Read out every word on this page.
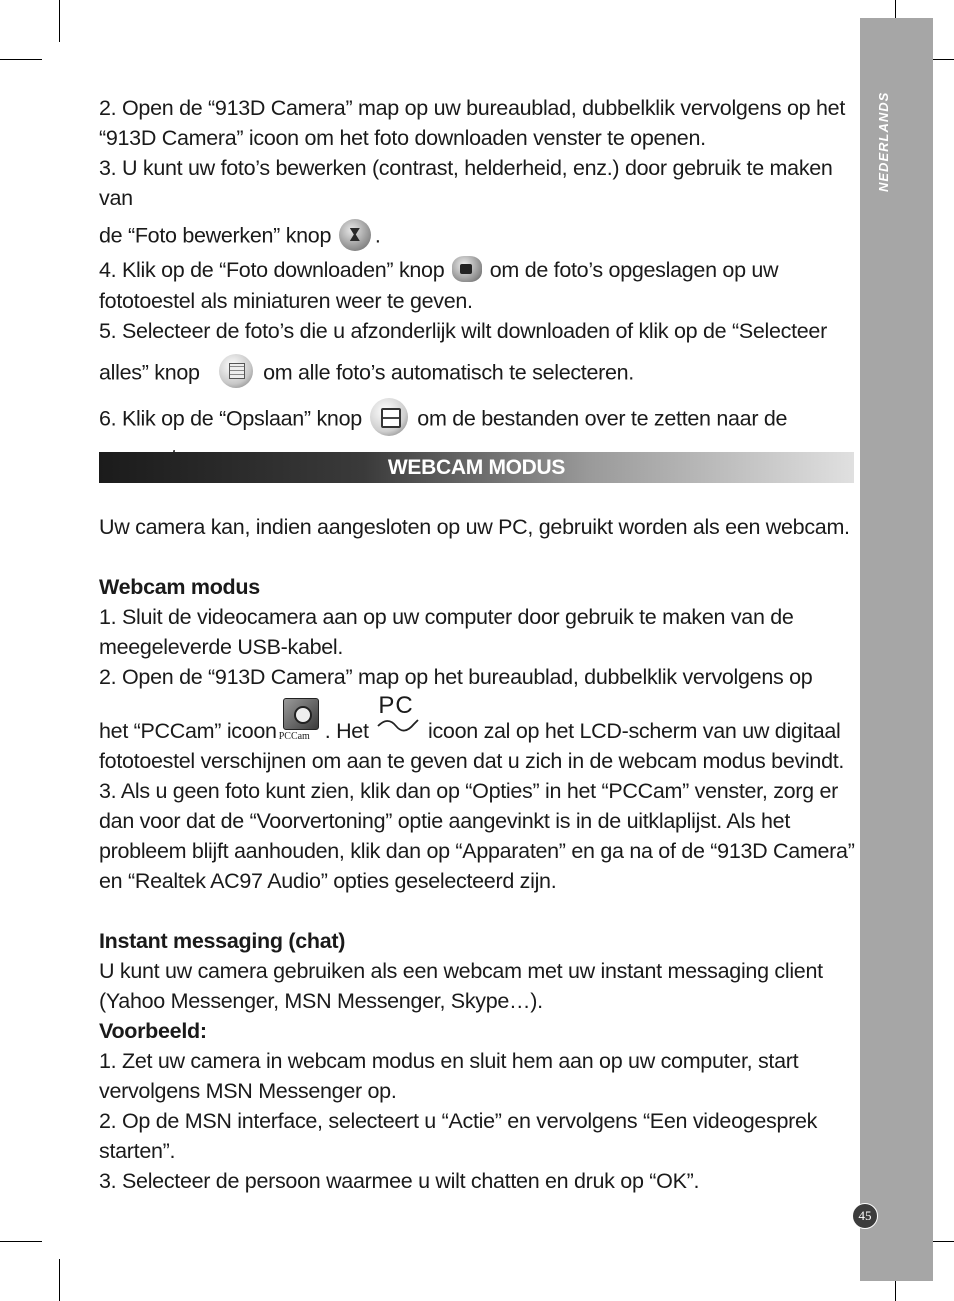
NEDERLANDS

2. Open de “913D Camera” map op uw bureaublad, dubbelklik vervolgens op het “913D Camera” icoon om het foto downloaden venster te openen.

3. U kunt uw foto’s bewerken (contrast, helderheid, enz.) door gebruik te maken van

de “Foto bewerken” knop .

4. Klik op de “Foto downloaden” knop om de foto’s opgeslagen op uw fototoestel als miniaturen weer te geven.

5. Selecteer de foto’s die u afzonderlijk wilt downloaden of klik op de “Selecteer

alles” knop	om alle foto’s automatisch te selecteren.

6. Klik op de “Opslaan” knop	om de bestanden over te zetten naar de

WEBCAM MODUS

Uw camera kan, indien aangesloten op uw PC, gebruikt worden als een webcam.

Webcam modus

1. Sluit de videocamera aan op uw computer door gebruik te maken van de meegeleverde USB-kabel.

2. Open de “913D Camera” map op het bureaublad, dubbelklik vervolgens op

het “PCCam” icoon PCCam . Het
PC
icoon zal op het LCD-scherm van uw digitaal fototoestel verschijnen om aan te geven dat u zich in de webcam modus bevindt.

3. Als u geen foto kunt zien, klik dan op “Opties” in het “PCCam” venster, zorg er dan voor dat de “Voorvertoning” optie aangevinkt is in de uitklaplijst. Als het probleem blijft aanhouden, klik dan op “Apparaten” en ga na of de “913D Camera” en “Realtek AC97 Audio” opties geselecteerd zijn.

Instant messaging (chat)

U kunt uw camera gebruiken als een webcam met uw instant messaging client (Yahoo Messenger, MSN Messenger, Skype…).

Voorbeeld:

1. Zet uw camera in webcam modus en sluit hem aan op uw computer, start vervolgens MSN Messenger op.

2. Op de MSN interface, selecteert u “Actie” en vervolgens “Een videogesprek starten”.

3. Selecteer de persoon waarmee u wilt chatten en druk op “OK”.

45
